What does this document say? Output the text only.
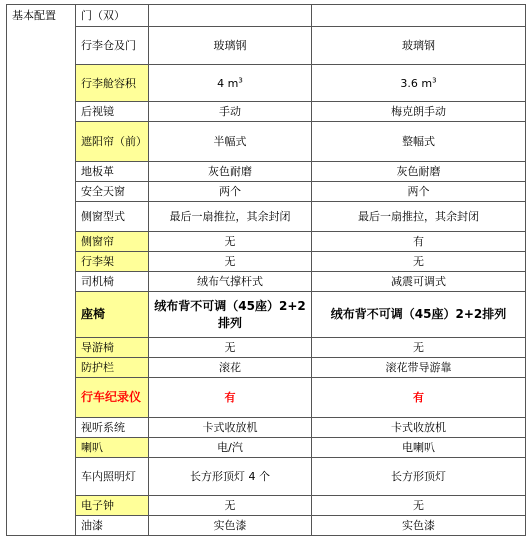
基本配置	门（双）		
	行李仓及门	玻璃钢	玻璃钢
	行李舱容积	4 $m^3$	3.6 $m^3$
	后视镜	手动	梅克朗手动
	遮阳帘（前）	半幅式	整幅式
	地板革	灰色耐磨	灰色耐磨
	安全天窗	两个	两个
	侧窗型式	最后一扇推拉，其余封闭	最后一扇推拉，其余封闭
	侧窗帘	无	有
	行李架	无	无
	司机椅	绒布气撑杆式	减震可调式
	座椅	绒布背不可调（45座）2+2排列	绒布背不可调（45座）2+2排列
	导游椅	无	无
	防护栏	滚花	滚花带导游靠
	行车纪录仪	有	有
	视听系统	卡式收放机	卡式收放机
	喇叭	电/汽	电喇叭
	车内照明灯	长方形顶灯 4 个	长方形顶灯
	电子钟	无	无
	油漆	实色漆	实色漆
